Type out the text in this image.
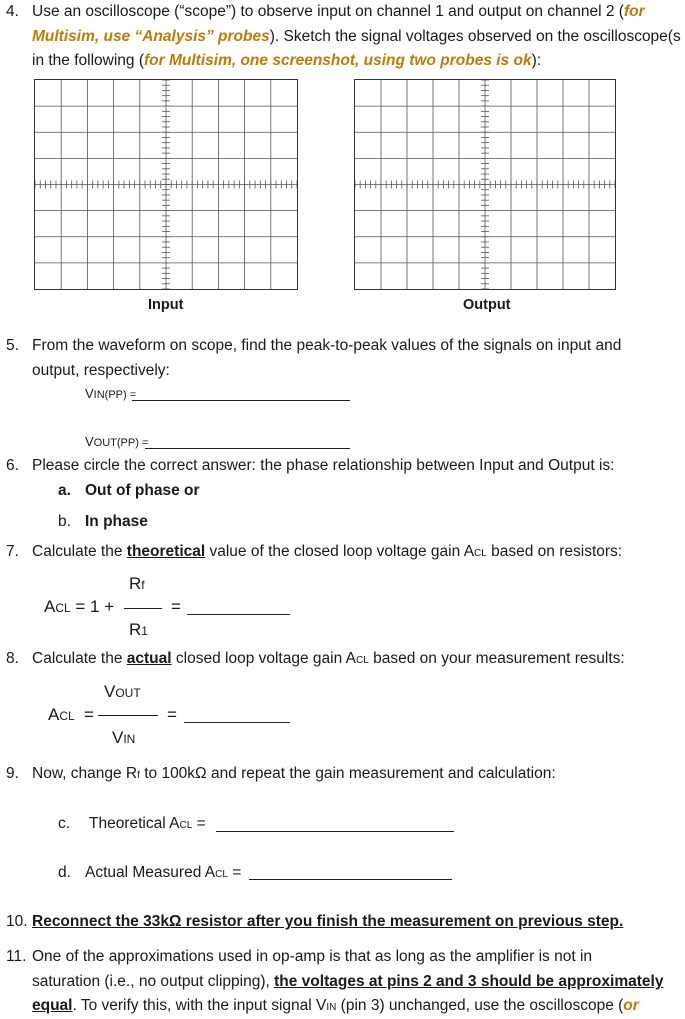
4. Use an oscilloscope (“scope”) to observe input on channel 1 and output on channel 2 (for
Multisim, use “Analysis” probes). Sketch the signal voltages observed on the oscilloscope(s
in the following (for Multisim, one screenshot, using two probes is ok):
Input	Output
5. From the waveform on scope, find the peak-to-peak values of the signals on input and
output, respectively:
VIN(PP) =
VOUT(PP) =
6. Please circle the correct answer: the phase relationship between Input and Output is:
a. Out of phase or
b. In phase
7. Calculate the theoretical value of the closed loop voltage gain ACL based on resistors:
ACL = 1 +
Rf
R1
=
8. Calculate the actual closed loop voltage gain ACL based on your measurement results:
ACL =
VOUT
VIN
=
9. Now, change Rf to 100kΩ and repeat the gain measurement and calculation:
c. Theoretical ACL =
d. Actual Measured ACL =
10. Reconnect the 33kΩ resistor after you finish the measurement on previous step.
11. One of the approximations used in op-amp is that as long as the amplifier is not in
saturation (i.e., no output clipping), the voltages at pins 2 and 3 should be approximately
equal. To verify this, with the input signal VIN (pin 3) unchanged, use the oscilloscope (or
